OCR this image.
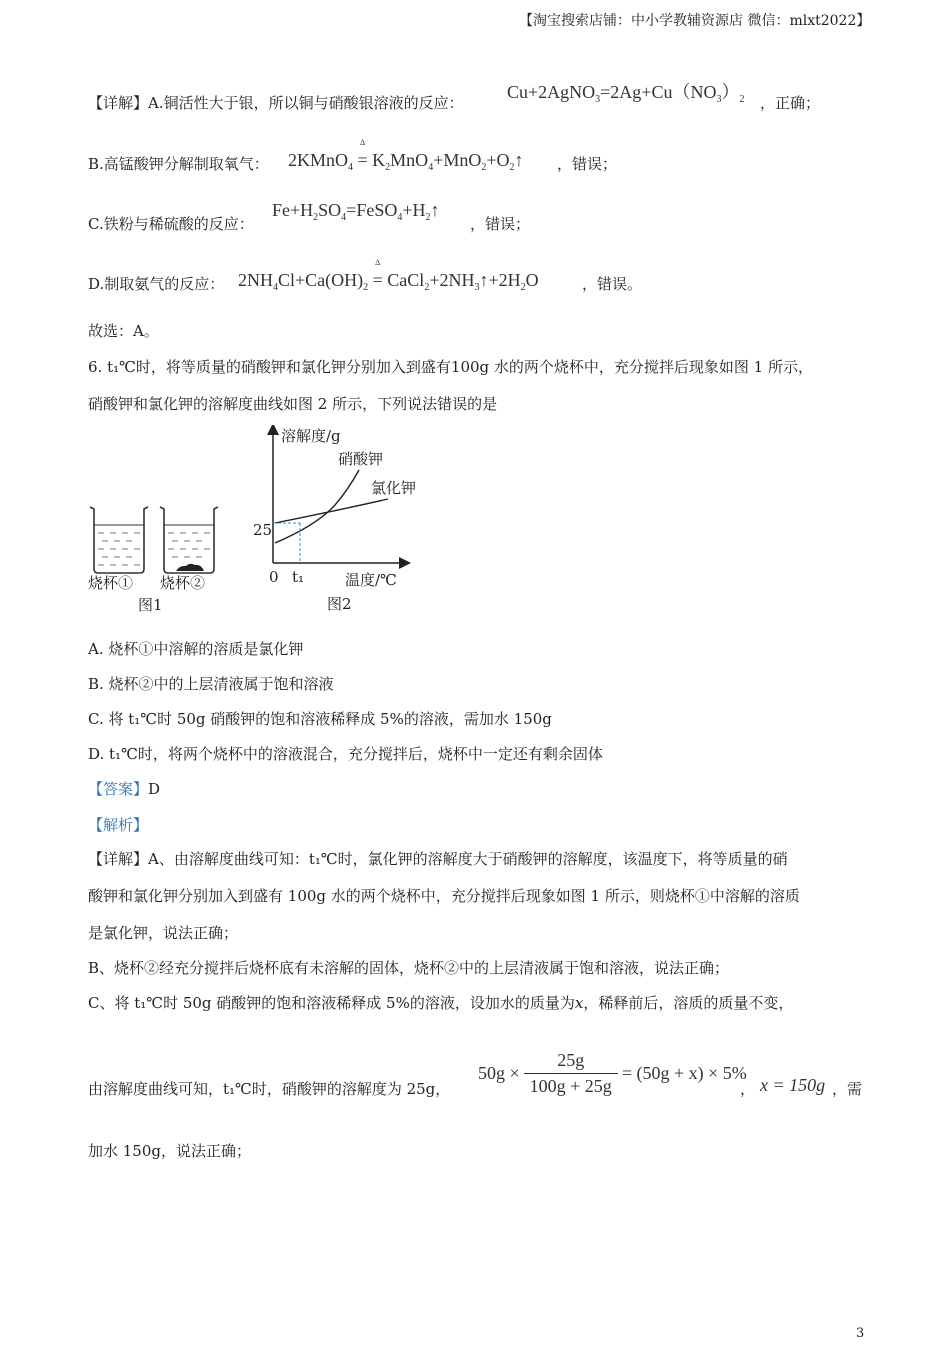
【淘宝搜索店铺：中小学教辅资源店 微信：mlxt2022】
【详解】A.铜活性大于银，所以铜与硝酸银溶液的反应：
$Cu+2AgNO_3=2Ag+Cu(NO_3)_2$ ，正确；
B.高锰酸钾分解制取氧气： 2KMnO$_4$ =
Δ
$K_2MnO_4+MnO_2+O_2↑$ ，错误；
C.铁粉与稀硫酸的反应：
$Fe+H_2SO_4=FeSO_4+H_2↑$
，错误；
D.制取氨气的反应： $2NH_4Cl+Ca(OH)_2$ =
Δ
$CaCl_2+2NH_3↑+2H_2O$	，错误。
故选：A。
6. t₁℃时，将等质量的硝酸钾和氯化钾分别加入到盛有100g 水的两个烧杯中，充分搅拌后现象如图 1 所示，
硝酸钾和氯化钾的溶解度曲线如图 2 所示，下列说法错误的是
烧杯① 烧杯②
图1
溶解度/g
硝酸钾
氯化钾
25
0 t₁	温度/℃
图2
A. 烧杯①中溶解的溶质是氯化钾
B. 烧杯②中的上层清液属于饱和溶液
C. 将 t₁℃时 50g 硝酸钾的饱和溶液稀释成 5%的溶液，需加水 150g
D. t₁℃时，将两个烧杯中的溶液混合，充分搅拌后，烧杯中一定还有剩余固体
【答案】D
【解析】
【详解】A、由溶解度曲线可知：t₁℃时，氯化钾的溶解度大于硝酸钾的溶解度，该温度下，将等质量的硝
酸钾和氯化钾分别加入到盛有 100g 水的两个烧杯中，充分搅拌后现象如图 1 所示，则烧杯①中溶解的溶质
是氯化钾，说法正确；
B、烧杯②经充分搅拌后烧杯底有未溶解的固体，烧杯②中的上层清液属于饱和溶液，说法正确；
C、将 t₁℃时 50g 硝酸钾的饱和溶液稀释成 5%的溶液，设加水的质量为x，稀释前后，溶质的质量不变，
由溶解度曲线可知，t₁℃时，硝酸钾的溶解度为 25g，
$50g \times \frac{25g}{100g + 25g} = (50g + x) \times 5\%$
， x = 150g ，需
加水 150g，说法正确；
3
